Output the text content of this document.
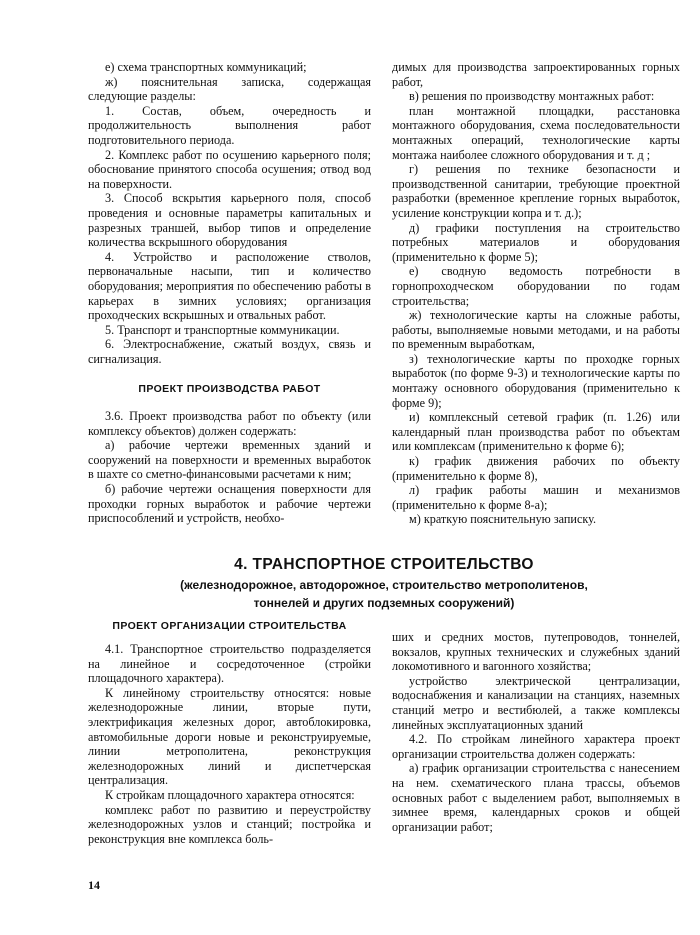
е) схема транспортных коммуникаций;

ж) пояснительная записка, содержащая следующие разделы:

1. Состав, объем, очередность и продолжительность выполнения работ подготовительного периода.

2. Комплекс работ по осушению карьерного поля; обоснование принятого способа осушения; отвод вод на поверхности.

3. Способ вскрытия карьерного поля, способ проведения и основные параметры капитальных и разрезных траншей, выбор типов и определение количества вскрышного оборудования

4. Устройство и расположение стволов, первоначальные насыпи, тип и количество оборудования; мероприятия по обеспечению работы в карьерах в зимних условиях; организация проходческих вскрышных и отвальных работ.

5. Транспорт и транспортные коммуникации.

6. Электроснабжение, сжатый воздух, связь и сигнализация.

ПРОЕКТ ПРОИЗВОДСТВА РАБОТ

3.6. Проект производства работ по объекту (или комплексу объектов) должен содержать:

а) рабочие чертежи временных зданий и сооружений на поверхности и временных выработок в шахте со сметно-финансовыми расчетами к ним;

б) рабочие чертежи оснащения поверхности для проходки горных выработок и рабочие чертежи приспособлений и устройств, необхо-

димых для производства запроектированных горных работ,

в) решения по производству монтажных работ:

план монтажной площадки, расстановка монтажного оборудования, схема последовательности монтажных операций, технологические карты монтажа наиболее сложного оборудования и т. д ;

г) решения по технике безопасности и производственной санитарии, требующие проектной разработки (временное крепление горных выработок, усиление конструкции копра и т. д.);

д) графики поступления на строительство потребных материалов и оборудования (применительно к форме 5);

е) сводную ведомость потребности в горнопроходческом оборудовании по годам строительства;

ж) технологические карты на сложные работы, работы, выполняемые новыми методами, и на работы по временным выработкам,

з) технологические карты по проходке горных выработок (по форме 9-3) и технологические карты по монтажу основного оборудования (применительно к форме 9);

и) комплексный сетевой график (п. 1.26) или календарный план производства работ по объектам или комплексам (применительно к форме 6);

к) график движения рабочих по объекту (применительно к форме 8),

л) график работы машин и механизмов (применительно к форме 8-а);

м) краткую пояснительную записку.

4. ТРАНСПОРТНОЕ СТРОИТЕЛЬСТВО
(железнодорожное, автодорожное, строительство метрополитенов,
тоннелей и других подземных сооружений)
ПРОЕКТ ОРГАНИЗАЦИИ СТРОИТЕЛЬСТВА

4.1. Транспортное строительство подразделяется на линейное и сосредоточенное (стройки площадочного характера).

К линейному строительству относятся: новые железнодорожные линии, вторые пути, электрификация железных дорог, автоблокировка, автомобильные дороги новые и реконструируемые, линии метрополитена, реконструкция железнодорожных линий и диспетчерская централизация.

К стройкам площадочного характера относятся:

комплекс работ по развитию и переустройству железнодорожных узлов и станций; постройка и реконструкция вне комплекса боль-

ших и средних мостов, путепроводов, тоннелей, вокзалов, крупных технических и служебных зданий локомотивного и вагонного хозяйства;

устройство электрической централизации, водоснабжения и канализации на станциях, наземных станций метро и вестибюлей, а также комплексы линейных эксплуатационных зданий

4.2. По стройкам линейного характера проект организации строительства должен содержать:

а) график организации строительства с нанесением на нем. схематического плана трассы, объемов основных работ с выделением работ, выполняемых в зимнее время, календарных сроков и общей организации работ;

14
